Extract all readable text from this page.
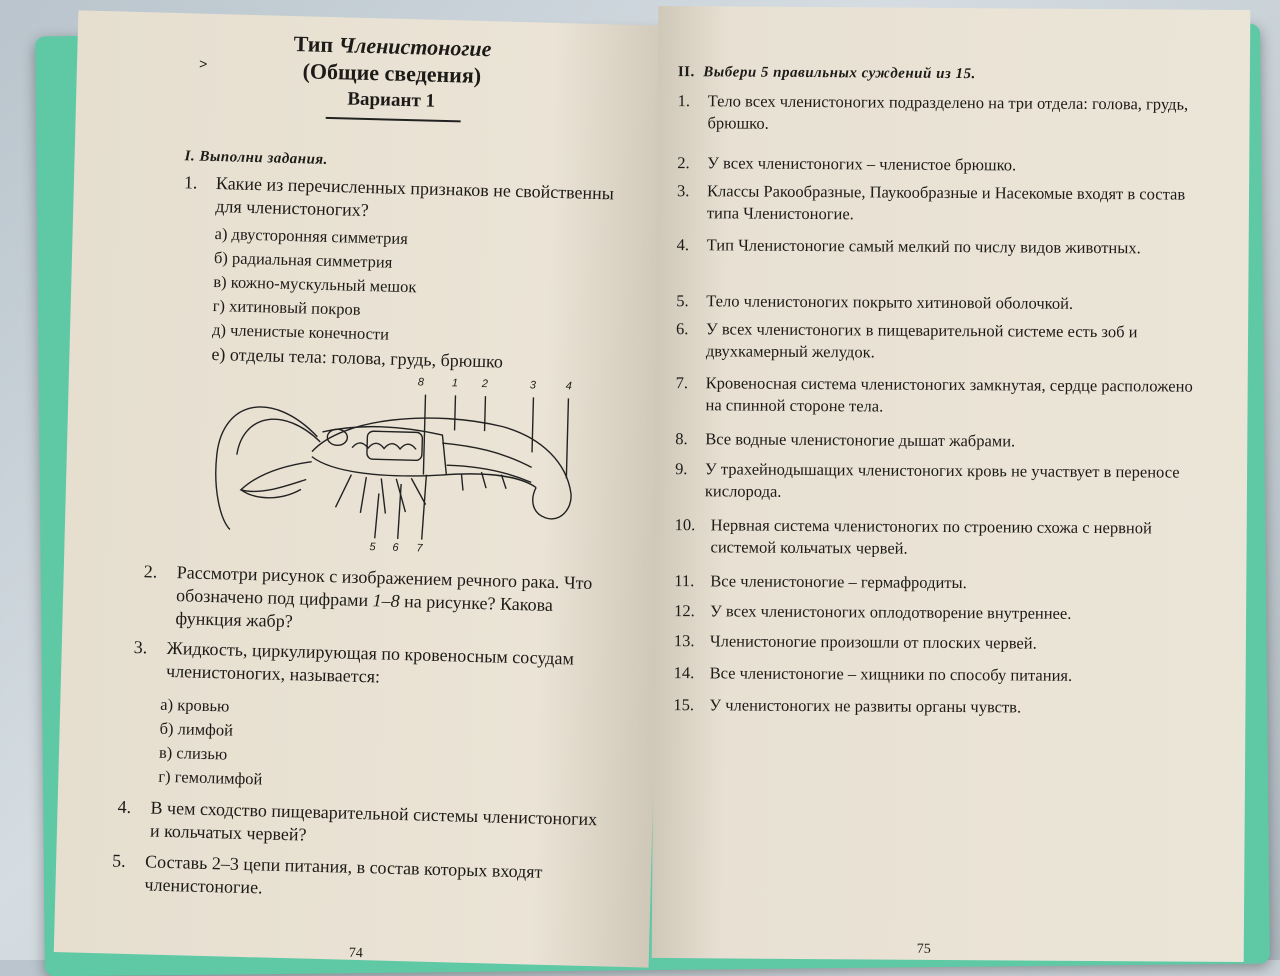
>
Тип Членистоногие
(Общие сведения)
Вариант 1
I. Выполни задания.
1. Какие из перечисленных признаков не свойственны для членистоногих?
а) двусторонняя симметрия
б) радиальная симметрия
в) кожно-мускульный мешок
г) хитиновый покров
д) членистые конечности
е) отделы тела: голова, грудь, брюшко
8	1 2	3	4
5 6 7
2. Рассмотри рисунок с изображением речного рака. Что обозначено под цифрами 1–8 на рисунке? Какова функция жабр?
3. Жидкость, циркулирующая по кровеносным сосудам членистоногих, называется:
а) кровью
б) лимфой
в) слизью
г) гемолимфой
4. В чем сходство пищеварительной системы членистоногих и кольчатых червей?
5. Составь 2–3 цепи питания, в состав которых входят членистоногие.
74
II. Выбери 5 правильных суждений из 15.
1. Тело всех членистоногих подразделено на три отдела: голова, грудь, брюшко.
2. У всех членистоногих – членистое брюшко.
3. Классы Ракообразные, Паукообразные и Насекомые входят в состав типа Членистоногие.
4. Тип Членистоногие самый мелкий по числу видов животных.
5. Тело членистоногих покрыто хитиновой оболочкой.
6. У всех членистоногих в пищеварительной системе есть зоб и двухкамерный желудок.
7. Кровеносная система членистоногих замкнутая, сердце расположено на спинной стороне тела.
8. Все водные членистоногие дышат жабрами.
9. У трахейнодышащих членистоногих кровь не участвует в переносе кислорода.
10. Нервная система членистоногих по строению схожа с нервной системой кольчатых червей.
11. Все членистоногие – гермафродиты.
12. У всех членистоногих оплодотворение внутреннее.
13. Членистоногие произошли от плоских червей.
14. Все членистоногие – хищники по способу питания.
15. У членистоногих не развиты органы чувств.
75
